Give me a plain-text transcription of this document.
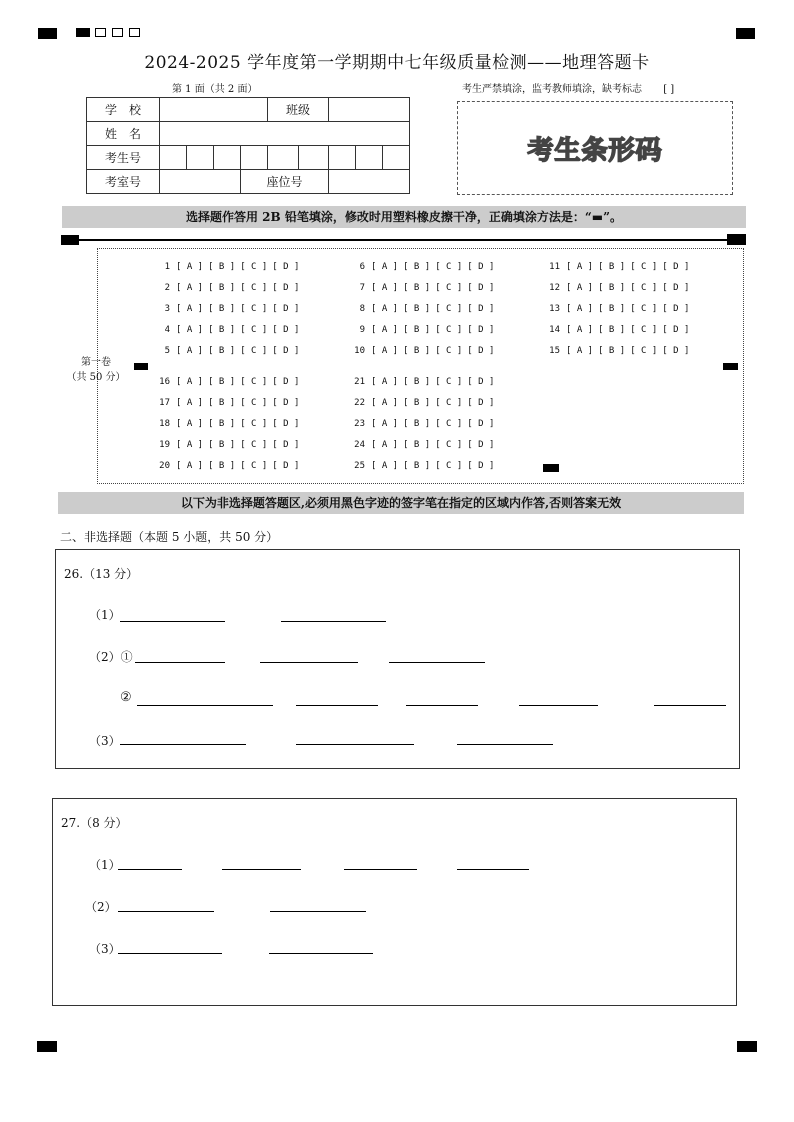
2024-2025 学年度第一学期期中七年级质量检测——地理答题卡
第 1 面（共 2 面）	考生严禁填涂，监考教师填涂，缺考标志 [ ]
学　校					班级				
姓　名									
考生号									
考室号				座位号					
考生条形码
选择题作答用 2B 铅笔填涂，修改时用塑料橡皮擦干净，正确填涂方法是：“▬”。
第一卷
（共 50 分）
1 [ A ] [ B ] [ C ] [ D ]
2 [ A ] [ B ] [ C ] [ D ]
3 [ A ] [ B ] [ C ] [ D ]
4 [ A ] [ B ] [ C ] [ D ]
5 [ A ] [ B ] [ C ] [ D ]
6 [ A ] [ B ] [ C ] [ D ]
7 [ A ] [ B ] [ C ] [ D ]
8 [ A ] [ B ] [ C ] [ D ]
9 [ A ] [ B ] [ C ] [ D ]
10 [ A ] [ B ] [ C ] [ D ]
11 [ A ] [ B ] [ C ] [ D ]
12 [ A ] [ B ] [ C ] [ D ]
13 [ A ] [ B ] [ C ] [ D ]
14 [ A ] [ B ] [ C ] [ D ]
15 [ A ] [ B ] [ C ] [ D ]
16 [ A ] [ B ] [ C ] [ D ]
17 [ A ] [ B ] [ C ] [ D ]
18 [ A ] [ B ] [ C ] [ D ]
19 [ A ] [ B ] [ C ] [ D ]
20 [ A ] [ B ] [ C ] [ D ]
21 [ A ] [ B ] [ C ] [ D ]
22 [ A ] [ B ] [ C ] [ D ]
23 [ A ] [ B ] [ C ] [ D ]
24 [ A ] [ B ] [ C ] [ D ]
25 [ A ] [ B ] [ C ] [ D ]
以下为非选择题答题区,必须用黑色字迹的签字笔在指定的区域内作答,否则答案无效
二、非选择题（本题 5 小题，共 50 分）
26.（13 分）
（1）
（2）①
②
（3）
27.（8 分）
（1）
（2）
（3）
